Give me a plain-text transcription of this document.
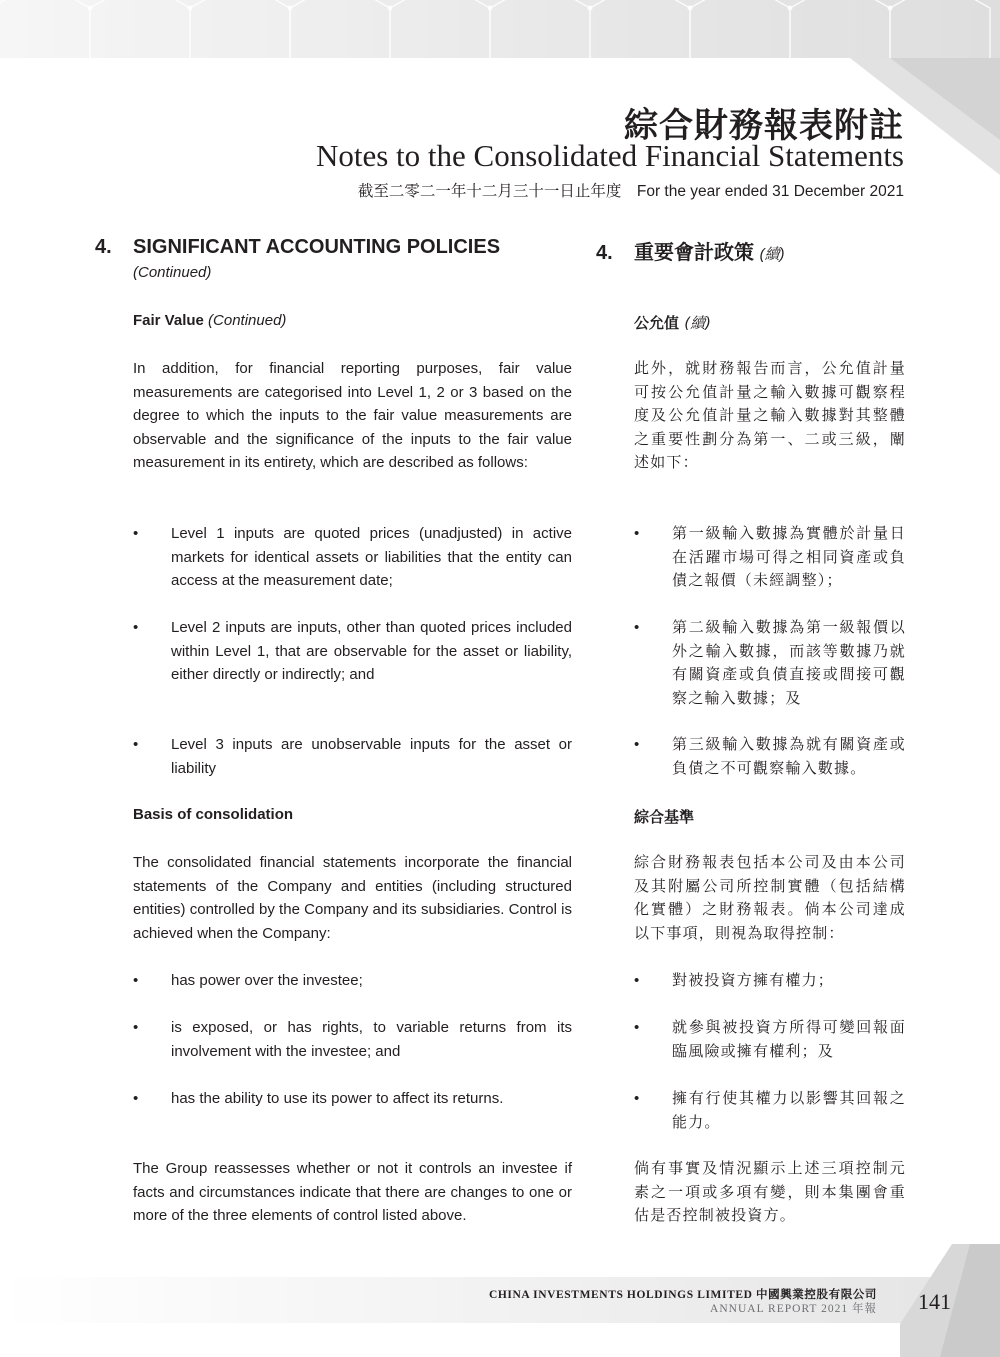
綜合財務報表附註
Notes to the Consolidated Financial Statements
截至二零二一年十二月三十一日止年度　For the year ended 31 December 2021
4. SIGNIFICANT ACCOUNTING POLICIES
(Continued)
Fair Value (Continued)
In addition, for financial reporting purposes, fair value measurements are categorised into Level 1, 2 or 3 based on the degree to which the inputs to the fair value measurements are observable and the significance of the inputs to the fair value measurement in its entirety, which are described as follows:
• Level 1 inputs are quoted prices (unadjusted) in active markets for identical assets or liabilities that the entity can access at the measurement date;
• Level 2 inputs are inputs, other than quoted prices included within Level 1, that are observable for the asset or liability, either directly or indirectly; and
• Level 3 inputs are unobservable inputs for the asset or liability
Basis of consolidation
The consolidated financial statements incorporate the financial statements of the Company and entities (including structured entities) controlled by the Company and its subsidiaries. Control is achieved when the Company:
• has power over the investee;
• is exposed, or has rights, to variable returns from its involvement with the investee; and
• has the ability to use its power to affect its returns.
The Group reassesses whether or not it controls an investee if facts and circumstances indicate that there are changes to one or more of the three elements of control listed above.
4. 重要會計政策 (續)
公允值 (續)
此外，就財務報告而言，公允值計量可按公允值計量之輸入數據可觀察程度及公允值計量之輸入數據對其整體之重要性劃分為第一、二或三級，闡述如下：
• 第一級輸入數據為實體於計量日在活躍市場可得之相同資產或負債之報價（未經調整）；
• 第二級輸入數據為第一級報價以外之輸入數據，而該等數據乃就有關資產或負債直接或間接可觀察之輸入數據；及
• 第三級輸入數據為就有關資產或負債之不可觀察輸入數據。
綜合基準
綜合財務報表包括本公司及由本公司及其附屬公司所控制實體（包括結構化實體）之財務報表。倘本公司達成以下事項，則視為取得控制：
• 對被投資方擁有權力；
• 就參與被投資方所得可變回報面臨風險或擁有權利；及
• 擁有行使其權力以影響其回報之能力。
倘有事實及情況顯示上述三項控制元素之一項或多項有變，則本集團會重估是否控制被投資方。
CHINA INVESTMENTS HOLDINGS LIMITED 中國興業控股有限公司
ANNUAL REPORT 2021 年報 141
